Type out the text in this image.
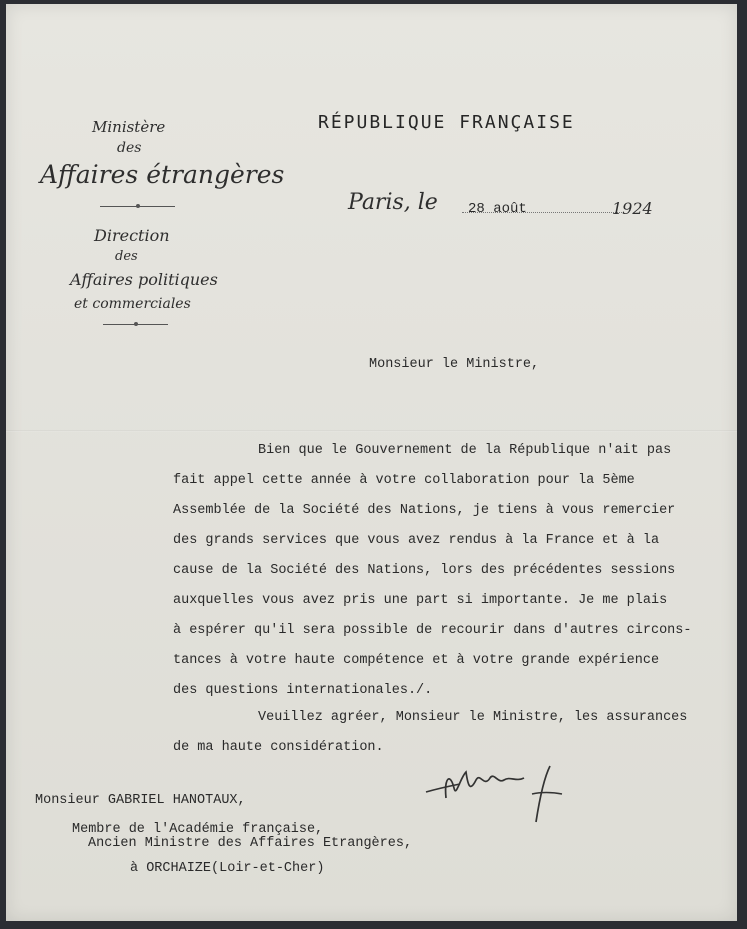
Ministère
des
Affaires étrangères
Direction
des
Affaires politiques
et commerciales
RÉPUBLIQUE FRANÇAISE
Paris, le 28 août	1924
Monsieur le Ministre,
Bien que le Gouvernement de la République n'ait pas
fait appel cette année à votre collaboration pour la 5ème
Assemblée de la Société des Nations, je tiens à vous remercier
des grands services que vous avez rendus à la France et à la
cause de la Société des Nations, lors des précédentes sessions
auxquelles vous avez pris une part si importante. Je me plais
à espérer qu'il sera possible de recourir dans d'autres circons-
tances à votre haute compétence et à votre grande expérience
des questions internationales./.
Veuillez agréer, Monsieur le Ministre, les assurances
de ma haute considération.
Monsieur GABRIEL HANOTAUX,
Membre de l'Académie française,
Ancien Ministre des Affaires Etrangères,
à ORCHAIZE(Loir-et-Cher)
